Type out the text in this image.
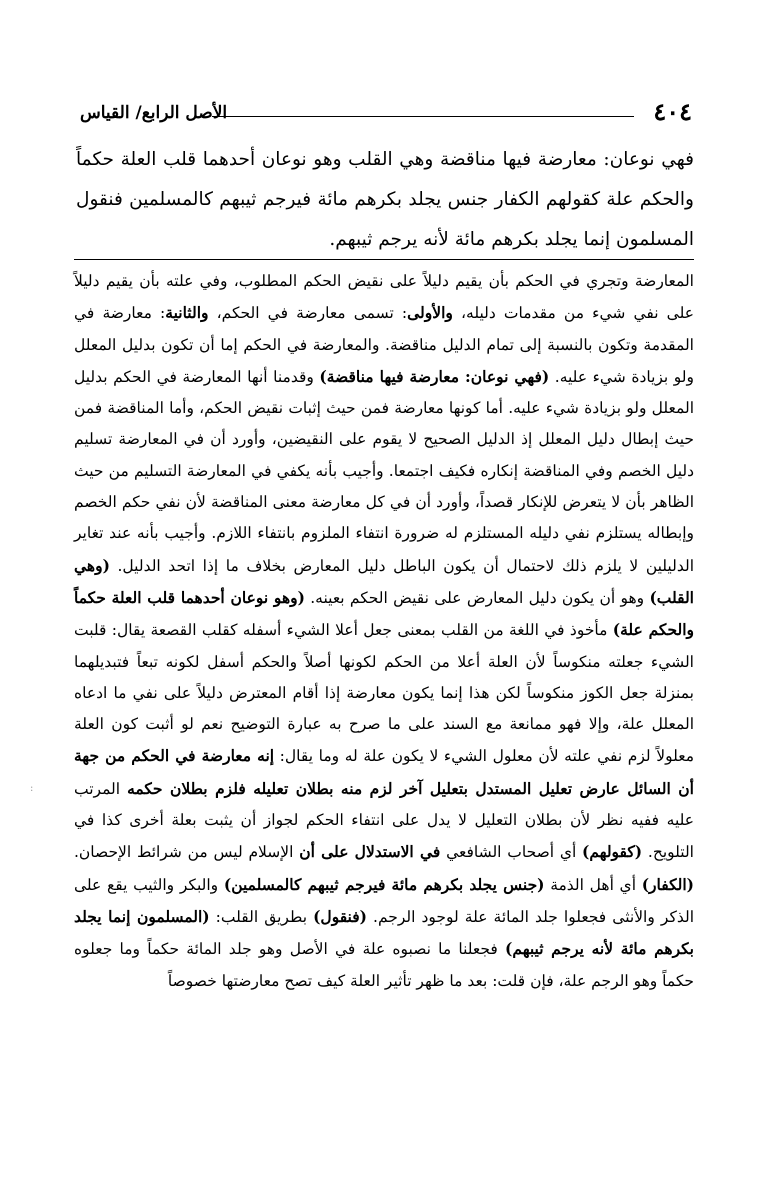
٤٠٤
الأصل الرابع/ القياس

فهي نوعان: معارضة فيها مناقضة وهي القلب وهو نوعان أحدهما قلب العلة حكماً والحكم علة كقولهم الكفار جنس يجلد بكرهم مائة فيرجم ثيبهم كالمسلمين فنقول المسلمون إنما يجلد بكرهم مائة لأنه يرجم ثيبهم.

المعارضة وتجري في الحكم بأن يقيم دليلاً على نقيض الحكم المطلوب، وفي علته بأن يقيم دليلاً على نفي شيء من مقدمات دليله، والأولى: تسمى معارضة في الحكم، والثانية: معارضة في المقدمة وتكون بالنسبة إلى تمام الدليل مناقضة. والمعارضة في الحكم إما أن تكون بدليل المعلل ولو بزيادة شيء عليه. (فهي نوعان: معارضة فيها مناقضة) وقدمنا أنها المعارضة في الحكم بدليل المعلل ولو بزيادة شيء عليه. أما كونها معارضة فمن حيث إثبات نقيض الحكم، وأما المناقضة فمن حيث إبطال دليل المعلل إذ الدليل الصحيح لا يقوم على النقيضين، وأورد أن في المعارضة تسليم دليل الخصم وفي المناقضة إنكاره فكيف اجتمعا. وأجيب بأنه يكفي في المعارضة التسليم من حيث الظاهر بأن لا يتعرض للإنكار قصداً، وأورد أن في كل معارضة معنى المناقضة لأن نفي حكم الخصم وإبطاله يستلزم نفي دليله المستلزم له ضرورة انتفاء الملزوم بانتفاء اللازم. وأجيب بأنه عند تغاير الدليلين لا يلزم ذلك لاحتمال أن يكون الباطل دليل المعارض بخلاف ما إذا اتحد الدليل. (وهي القلب) وهو أن يكون دليل المعارض على نقيض الحكم بعينه. (وهو نوعان أحدهما قلب العلة حكماً والحكم علة) مأخوذ في اللغة من القلب بمعنى جعل أعلا الشيء أسفله كقلب القصعة يقال: قلبت الشيء جعلته منكوساً لأن العلة أعلا من الحكم لكونها أصلاً والحكم أسفل لكونه تبعاً فتبديلهما بمنزلة جعل الكوز منكوساً لكن هذا إنما يكون معارضة إذا أقام المعترض دليلاً على نفي ما ادعاه المعلل علة، وإلا فهو ممانعة مع السند على ما صرح به عبارة التوضيح نعم لو أثبت كون العلة معلولاً لزم نفي علته لأن معلول الشيء لا يكون علة له وما يقال: إنه معارضة في الحكم من جهة أن السائل عارض تعليل المستدل بتعليل آخر لزم منه بطلان تعليله فلزم بطلان حكمه المرتب عليه ففيه نظر لأن بطلان التعليل لا يدل على انتفاء الحكم لجواز أن يثبت بعلة أخرى كذا في التلويح. (كقولهم) أي أصحاب الشافعي في الاستدلال على أن الإسلام ليس من شرائط الإحصان. (الكفار) أي أهل الذمة (جنس يجلد بكرهم مائة فيرجم ثيبهم كالمسلمين) والبكر والثيب يقع على الذكر والأنثى فجعلوا جلد المائة علة لوجود الرجم. (فنقول) بطريق القلب: (المسلمون إنما يجلد بكرهم مائة لأنه يرجم ثيبهم) فجعلنا ما نصبوه علة في الأصل وهو جلد المائة حكماً وما جعلوه حكماً وهو الرجم علة، فإن قلت: بعد ما ظهر تأثير العلة كيف تصح معارضتها خصوصاً

:
